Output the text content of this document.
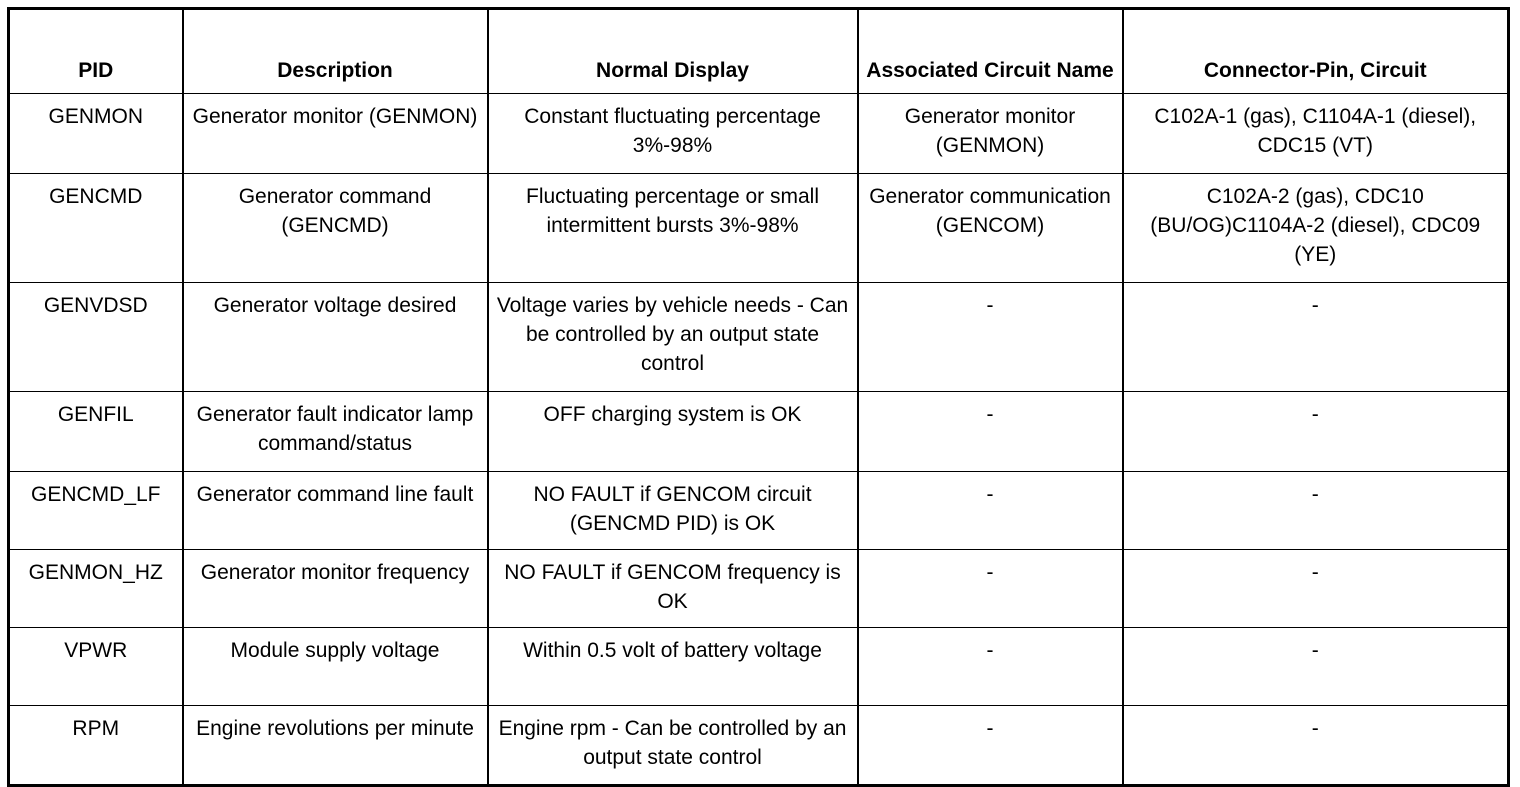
PID	Description	Normal Display	Associated Circuit Name	Connector-Pin, Circuit
GENMON	Generator monitor (GENMON)	Constant fluctuating percentage 3%-98%	Generator monitor (GENMON)	C102A-1 (gas), C1104A-1 (diesel), CDC15 (VT)
GENCMD	Generator command (GENCMD)	Fluctuating percentage or small intermittent bursts 3%-98%	Generator communication (GENCOM)	C102A-2 (gas), CDC10 (BU/OG)C1104A-2 (diesel), CDC09 (YE)
GENVDSD	Generator voltage desired	Voltage varies by vehicle needs - Can be controlled by an output state control	-	-
GENFIL	Generator fault indicator lamp command/status	OFF charging system is OK	-	-
GENCMD_LF	Generator command line fault	NO FAULT if GENCOM circuit (GENCMD PID) is OK	-	-
GENMON_HZ	Generator monitor frequency	NO FAULT if GENCOM frequency is OK	-	-
VPWR	Module supply voltage	Within 0.5 volt of battery voltage	-	-
RPM	Engine revolutions per minute	Engine rpm - Can be controlled by an output state control	-	-
